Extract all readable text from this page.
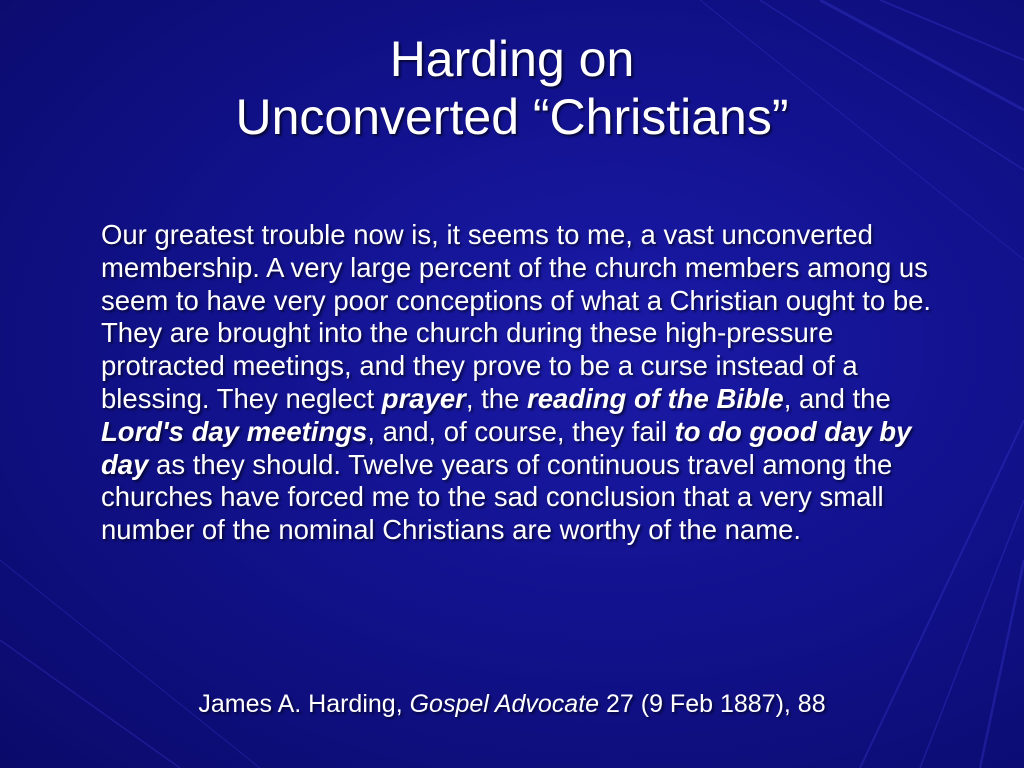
Harding on
Unconverted “Christians”
Our greatest trouble now is, it seems to me, a vast unconverted membership. A very large percent of the church members among us seem to have very poor conceptions of what a Christian ought to be. They are brought into the church during these high-pressure protracted meetings, and they prove to be a curse instead of a blessing. They neglect prayer, the reading of the Bible, and the Lord's day meetings, and, of course, they fail to do good day by day as they should. Twelve years of continuous travel among the churches have forced me to the sad conclusion that a very small number of the nominal Christians are worthy of the name.
James A. Harding, Gospel Advocate 27 (9 Feb 1887), 88
